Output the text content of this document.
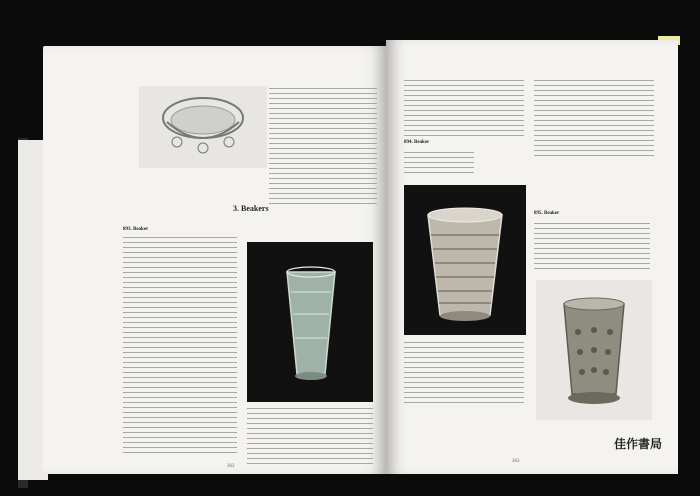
3. Beakers
893. Beaker
362
894. Beaker
895. Beaker
363
佳作書局
